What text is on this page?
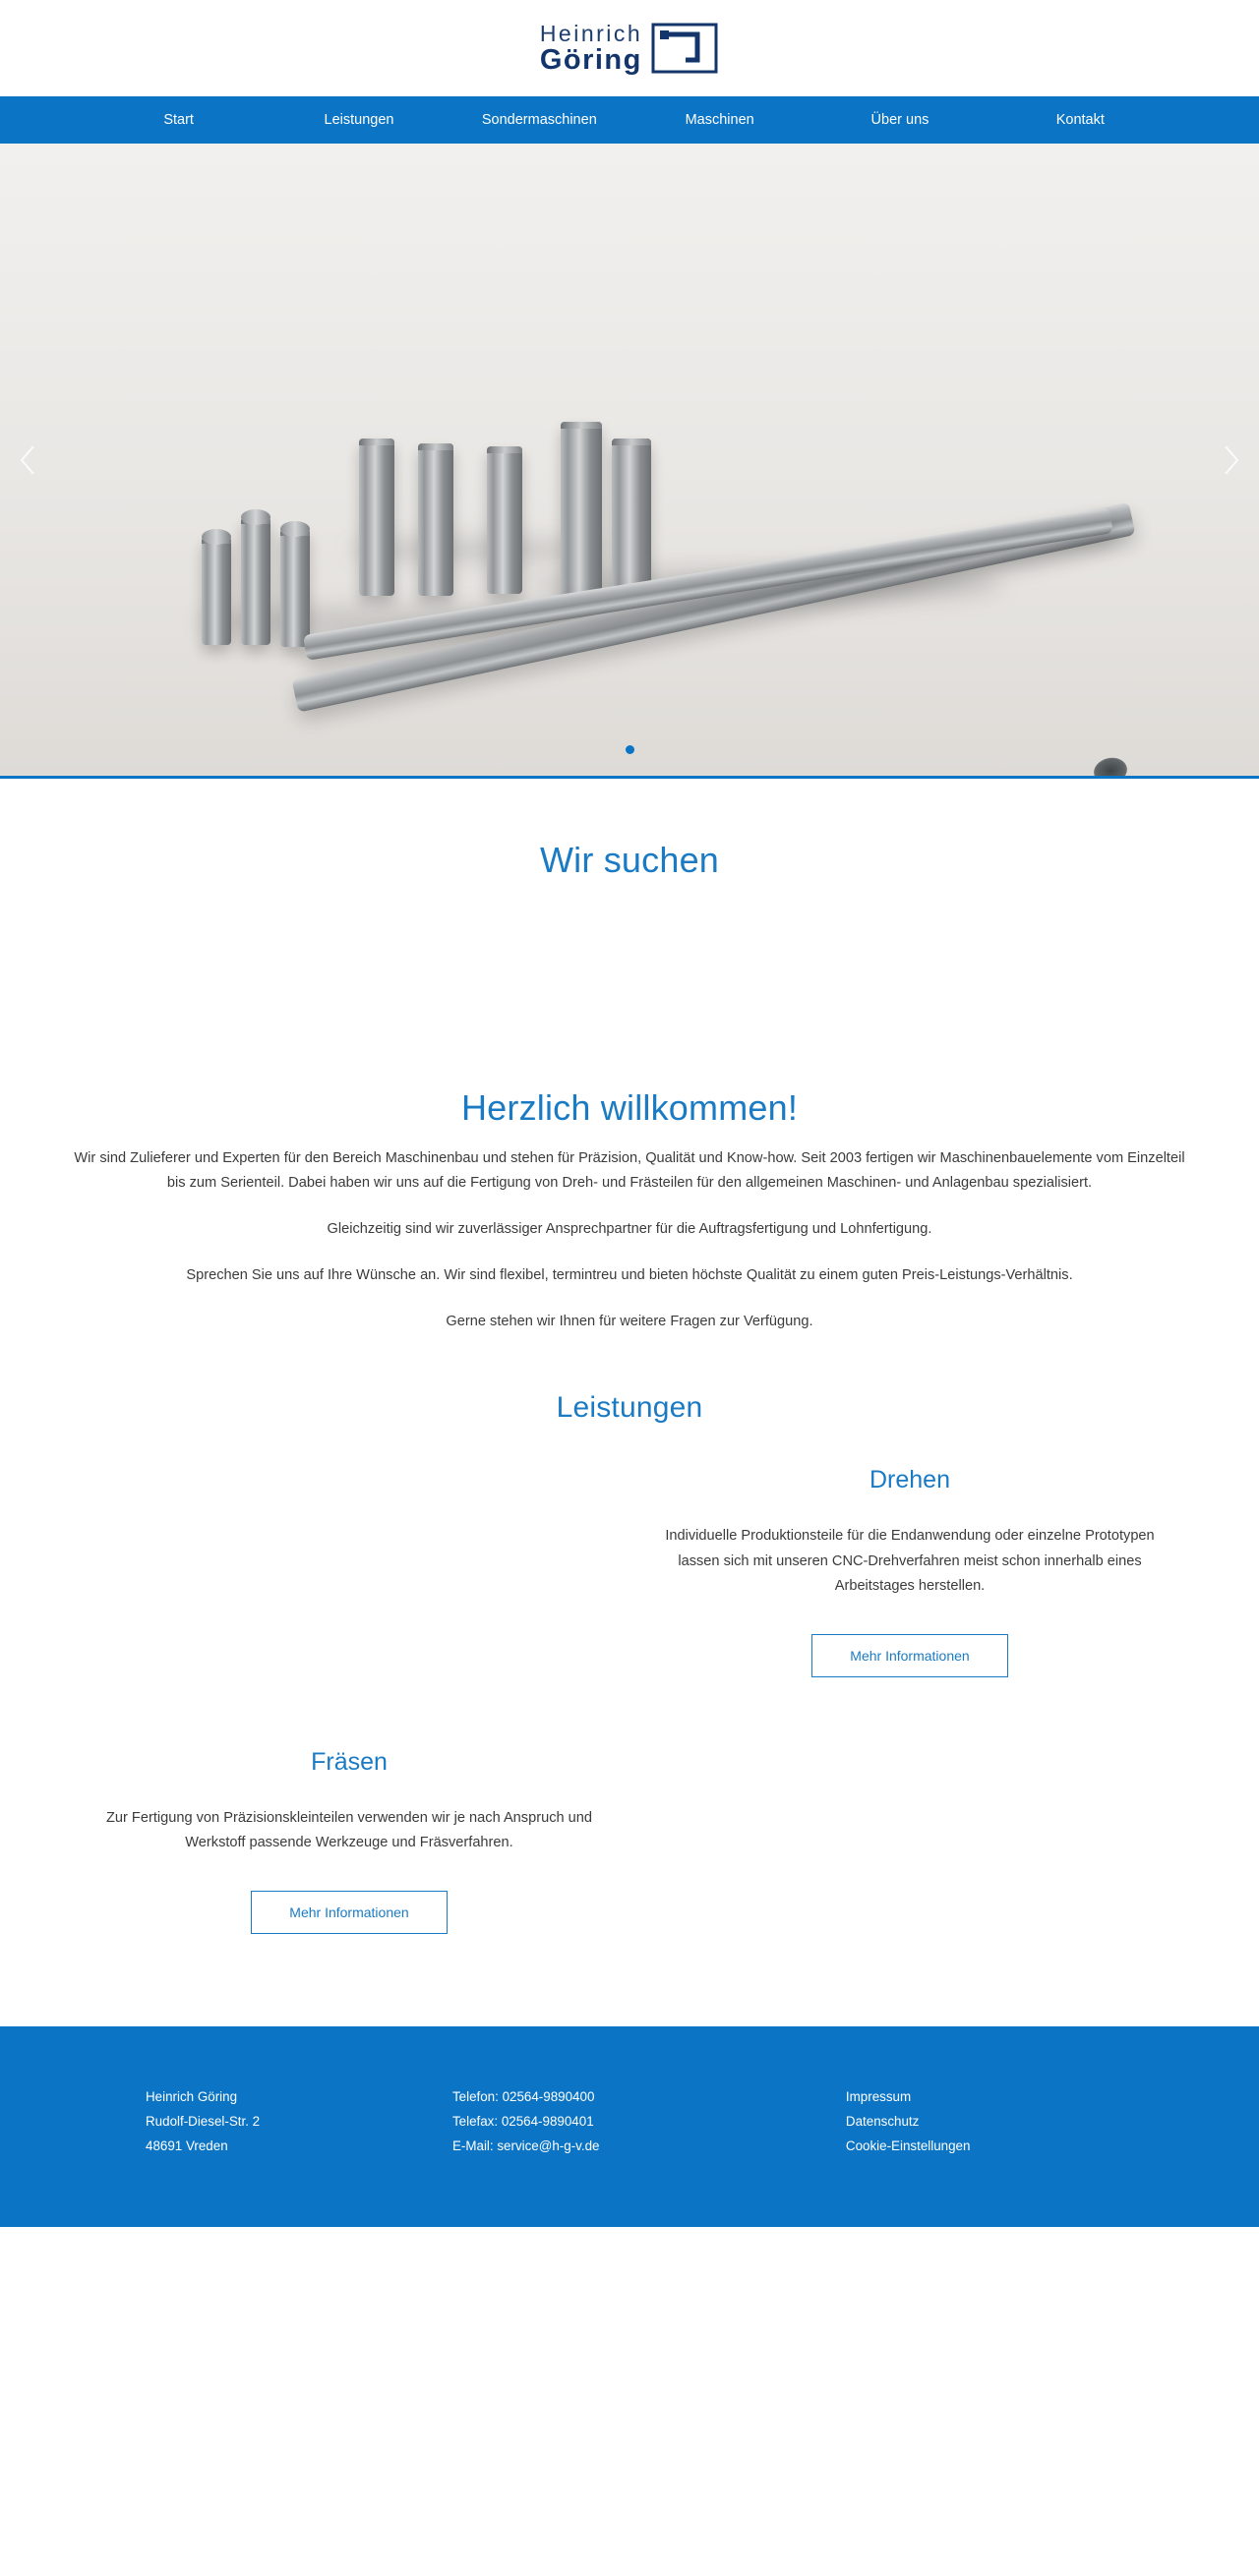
Heinrich
Göring
Start	Leistungen	Sondermaschinen	Maschinen	Über uns	Kontakt
Wir suchen
Herzlich willkommen!

Wir sind Zulieferer und Experten für den Bereich Maschinenbau und stehen für Präzision, Qualität und Know-how. Seit 2003 fertigen wir Maschinenbauelemente vom Einzelteil bis zum Serienteil. Dabei haben wir uns auf die Fertigung von Dreh- und Frästeilen für den allgemeinen Maschinen- und Anlagenbau spezialisiert.

Gleichzeitig sind wir zuverlässiger Ansprechpartner für die Auftragsfertigung und Lohnfertigung.

Sprechen Sie uns auf Ihre Wünsche an. Wir sind flexibel, termintreu und bieten höchste Qualität zu einem guten Preis-Leistungs-Verhältnis.

Gerne stehen wir Ihnen für weitere Fragen zur Verfügung.

Leistungen
Drehen

Individuelle Produktionsteile für die Endanwendung oder einzelne Prototypen lassen sich mit unseren CNC-Drehverfahren meist schon innerhalb eines Arbeitstages herstellen.

Mehr Informationen
Fräsen

Zur Fertigung von Präzisionskleinteilen verwenden wir je nach Anspruch und Werkstoff passende Werkzeuge und Fräsverfahren.

Mehr Informationen
Heinrich Göring
Rudolf-Diesel-Str. 2
48691 Vreden
Telefon: 02564-9890400
Telefax: 02564-9890401
E-Mail: service@h-g-v.de
Impressum
Datenschutz
Cookie-Einstellungen
